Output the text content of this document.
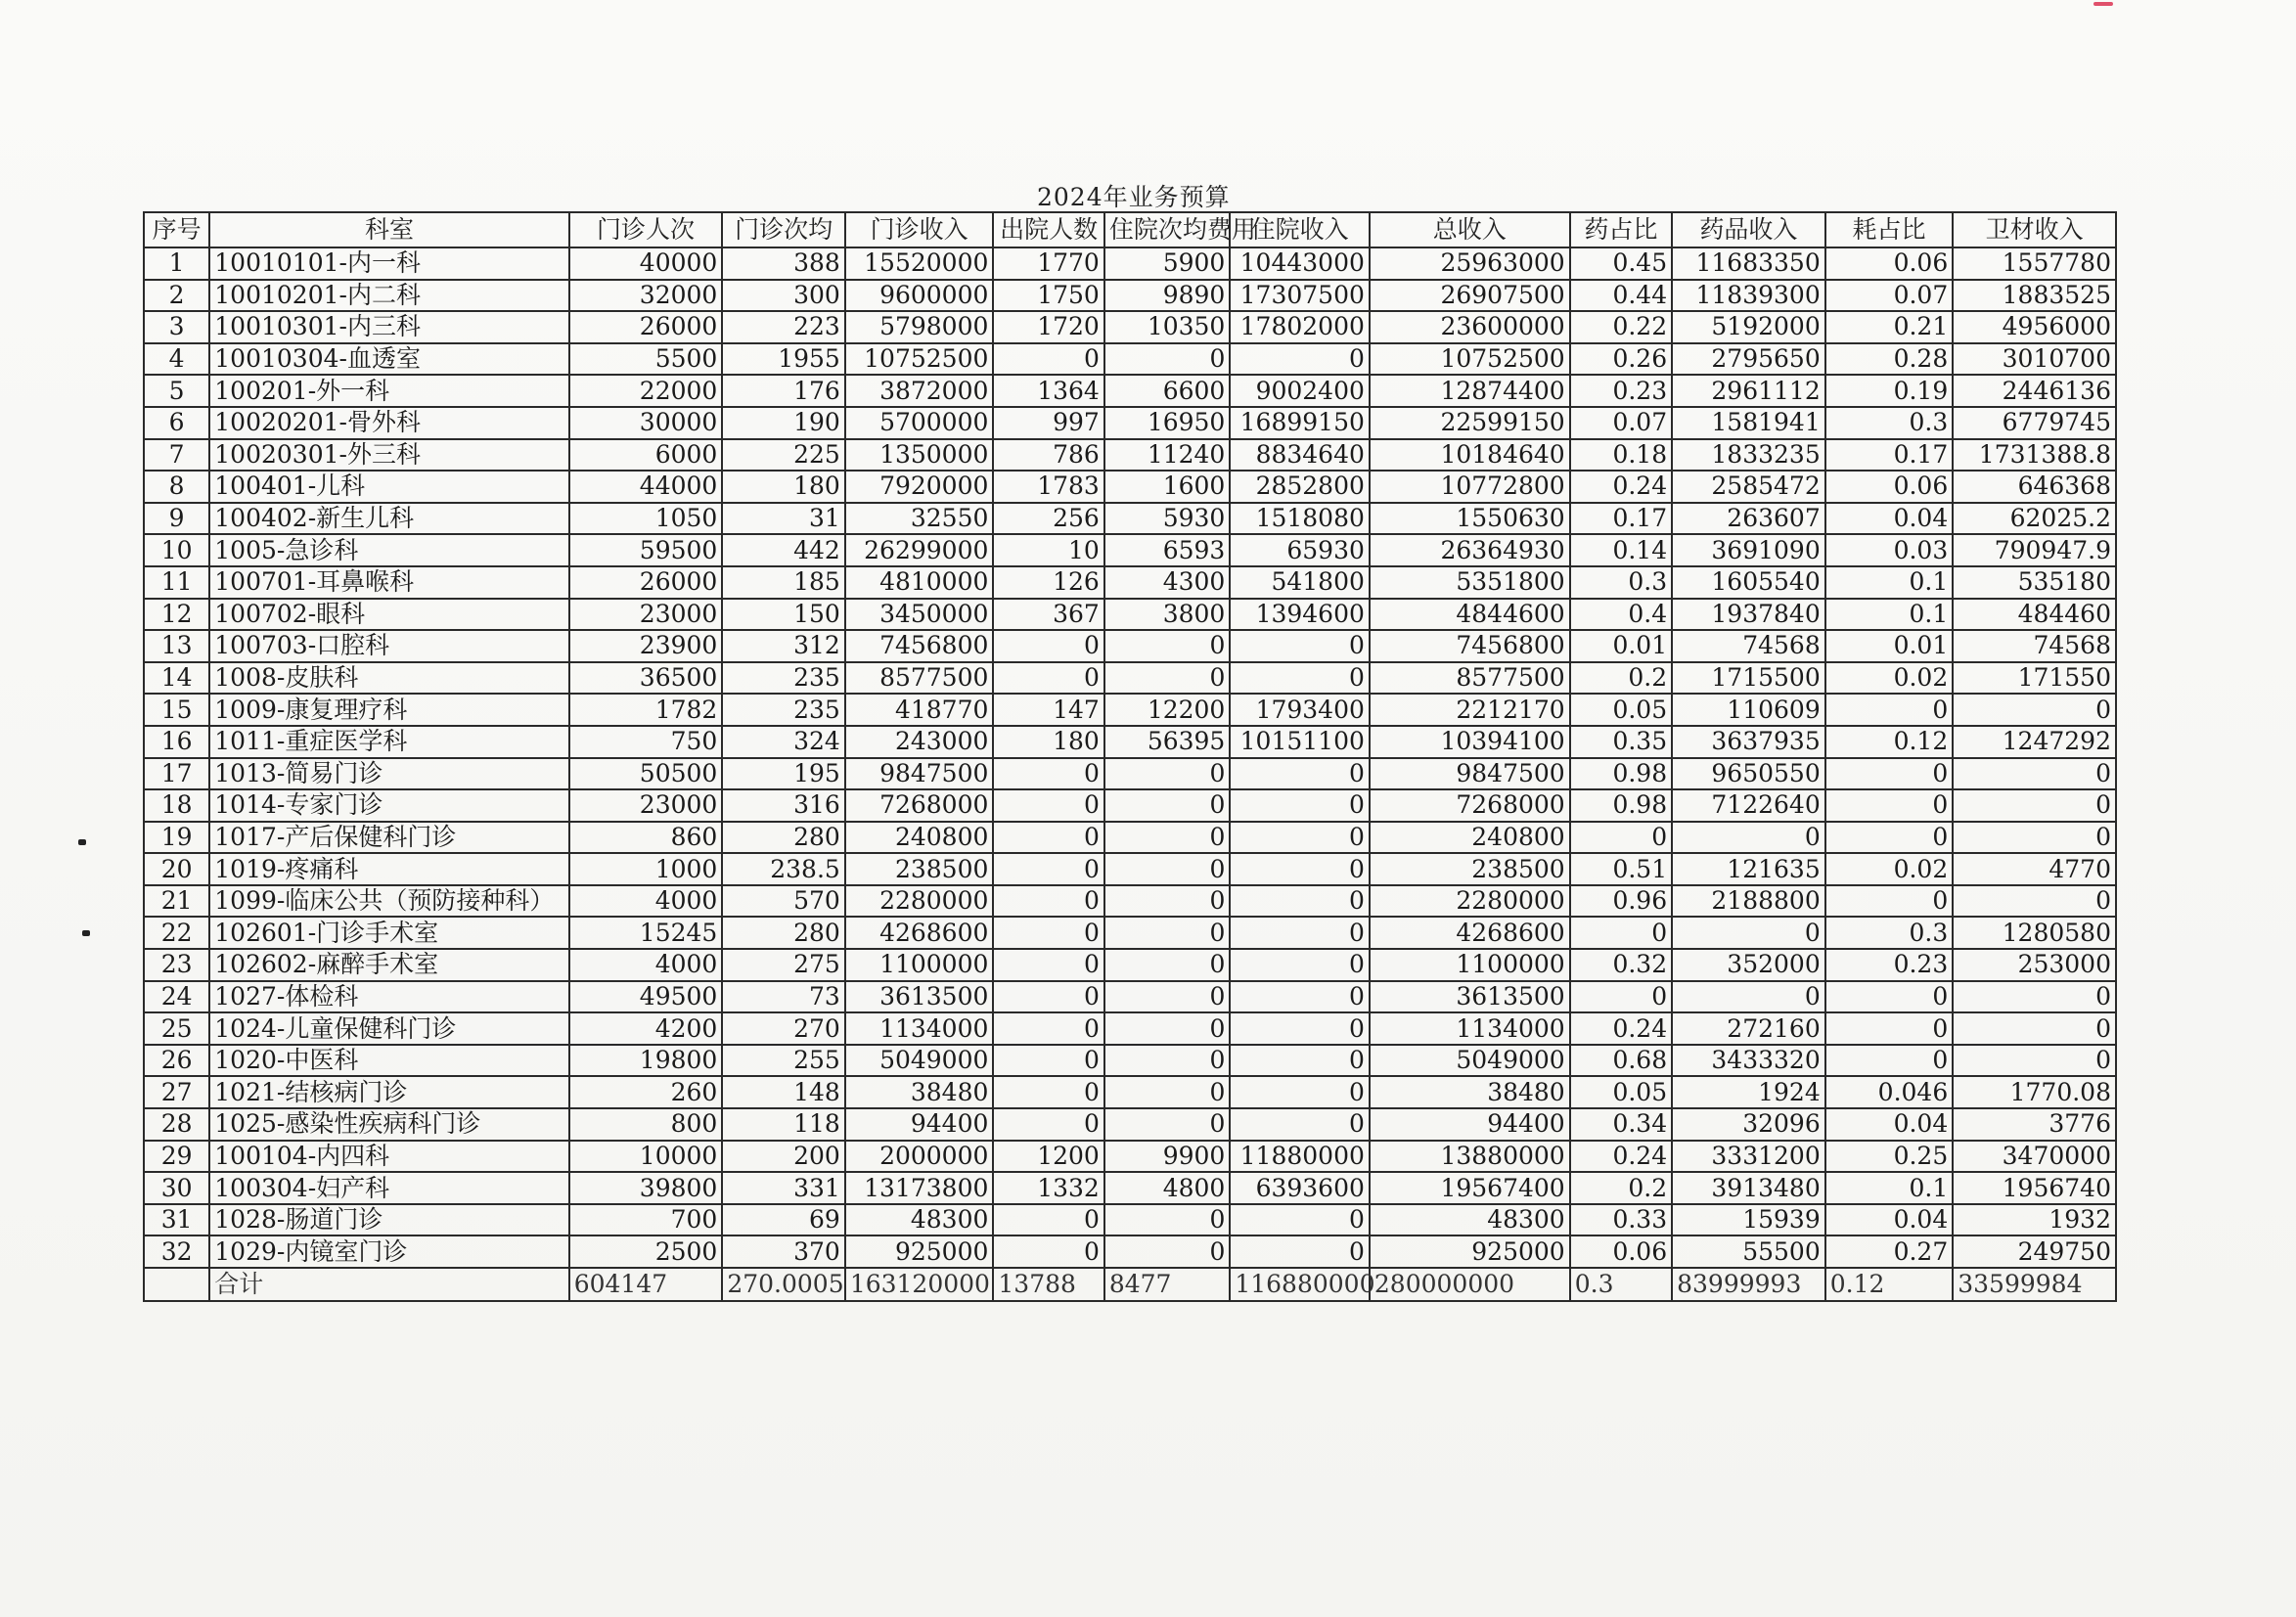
2024年业务预算
序号	科室	门诊人次	门诊次均	门诊收入	出院人数	住院次均费用	住院收入	总收入	药占比	药品收入	耗占比	卫材收入
1	10010101-内一科	40000	388	15520000	1770	5900	10443000	25963000	0.45	11683350	0.06	1557780
2	10010201-内二科	32000	300	9600000	1750	9890	17307500	26907500	0.44	11839300	0.07	1883525
3	10010301-内三科	26000	223	5798000	1720	10350	17802000	23600000	0.22	5192000	0.21	4956000
4	10010304-血透室	5500	1955	10752500	0	0	0	10752500	0.26	2795650	0.28	3010700
5	100201-外一科	22000	176	3872000	1364	6600	9002400	12874400	0.23	2961112	0.19	2446136
6	10020201-骨外科	30000	190	5700000	997	16950	16899150	22599150	0.07	1581941	0.3	6779745
7	10020301-外三科	6000	225	1350000	786	11240	8834640	10184640	0.18	1833235	0.17	1731388.8
8	100401-儿科	44000	180	7920000	1783	1600	2852800	10772800	0.24	2585472	0.06	646368
9	100402-新生儿科	1050	31	32550	256	5930	1518080	1550630	0.17	263607	0.04	62025.2
10	1005-急诊科	59500	442	26299000	10	6593	65930	26364930	0.14	3691090	0.03	790947.9
11	100701-耳鼻喉科	26000	185	4810000	126	4300	541800	5351800	0.3	1605540	0.1	535180
12	100702-眼科	23000	150	3450000	367	3800	1394600	4844600	0.4	1937840	0.1	484460
13	100703-口腔科	23900	312	7456800	0	0	0	7456800	0.01	74568	0.01	74568
14	1008-皮肤科	36500	235	8577500	0	0	0	8577500	0.2	1715500	0.02	171550
15	1009-康复理疗科	1782	235	418770	147	12200	1793400	2212170	0.05	110609	0	0
16	1011-重症医学科	750	324	243000	180	56395	10151100	10394100	0.35	3637935	0.12	1247292
17	1013-简易门诊	50500	195	9847500	0	0	0	9847500	0.98	9650550	0	0
18	1014-专家门诊	23000	316	7268000	0	0	0	7268000	0.98	7122640	0	0
19	1017-产后保健科门诊	860	280	240800	0	0	0	240800	0	0	0	0
20	1019-疼痛科	1000	238.5	238500	0	0	0	238500	0.51	121635	0.02	4770
21	1099-临床公共（预防接种科）	4000	570	2280000	0	0	0	2280000	0.96	2188800	0	0
22	102601-门诊手术室	15245	280	4268600	0	0	0	4268600	0	0	0.3	1280580
23	102602-麻醉手术室	4000	275	1100000	0	0	0	1100000	0.32	352000	0.23	253000
24	1027-体检科	49500	73	3613500	0	0	0	3613500	0	0	0	0
25	1024-儿童保健科门诊	4200	270	1134000	0	0	0	1134000	0.24	272160	0	0
26	1020-中医科	19800	255	5049000	0	0	0	5049000	0.68	3433320	0	0
27	1021-结核病门诊	260	148	38480	0	0	0	38480	0.05	1924	0.046	1770.08
28	1025-感染性疾病科门诊	800	118	94400	0	0	0	94400	0.34	32096	0.04	3776
29	100104-内四科	10000	200	2000000	1200	9900	11880000	13880000	0.24	3331200	0.25	3470000
30	100304-妇产科	39800	331	13173800	1332	4800	6393600	19567400	0.2	3913480	0.1	1956740
31	1028-肠道门诊	700	69	48300	0	0	0	48300	0.33	15939	0.04	1932
32	1029-内镜室门诊	2500	370	925000	0	0	0	925000	0.06	55500	0.27	249750
	合计	604147	270.0005	163120000	13788	8477	116880000	280000000	0.3	83999993	0.12	33599984
